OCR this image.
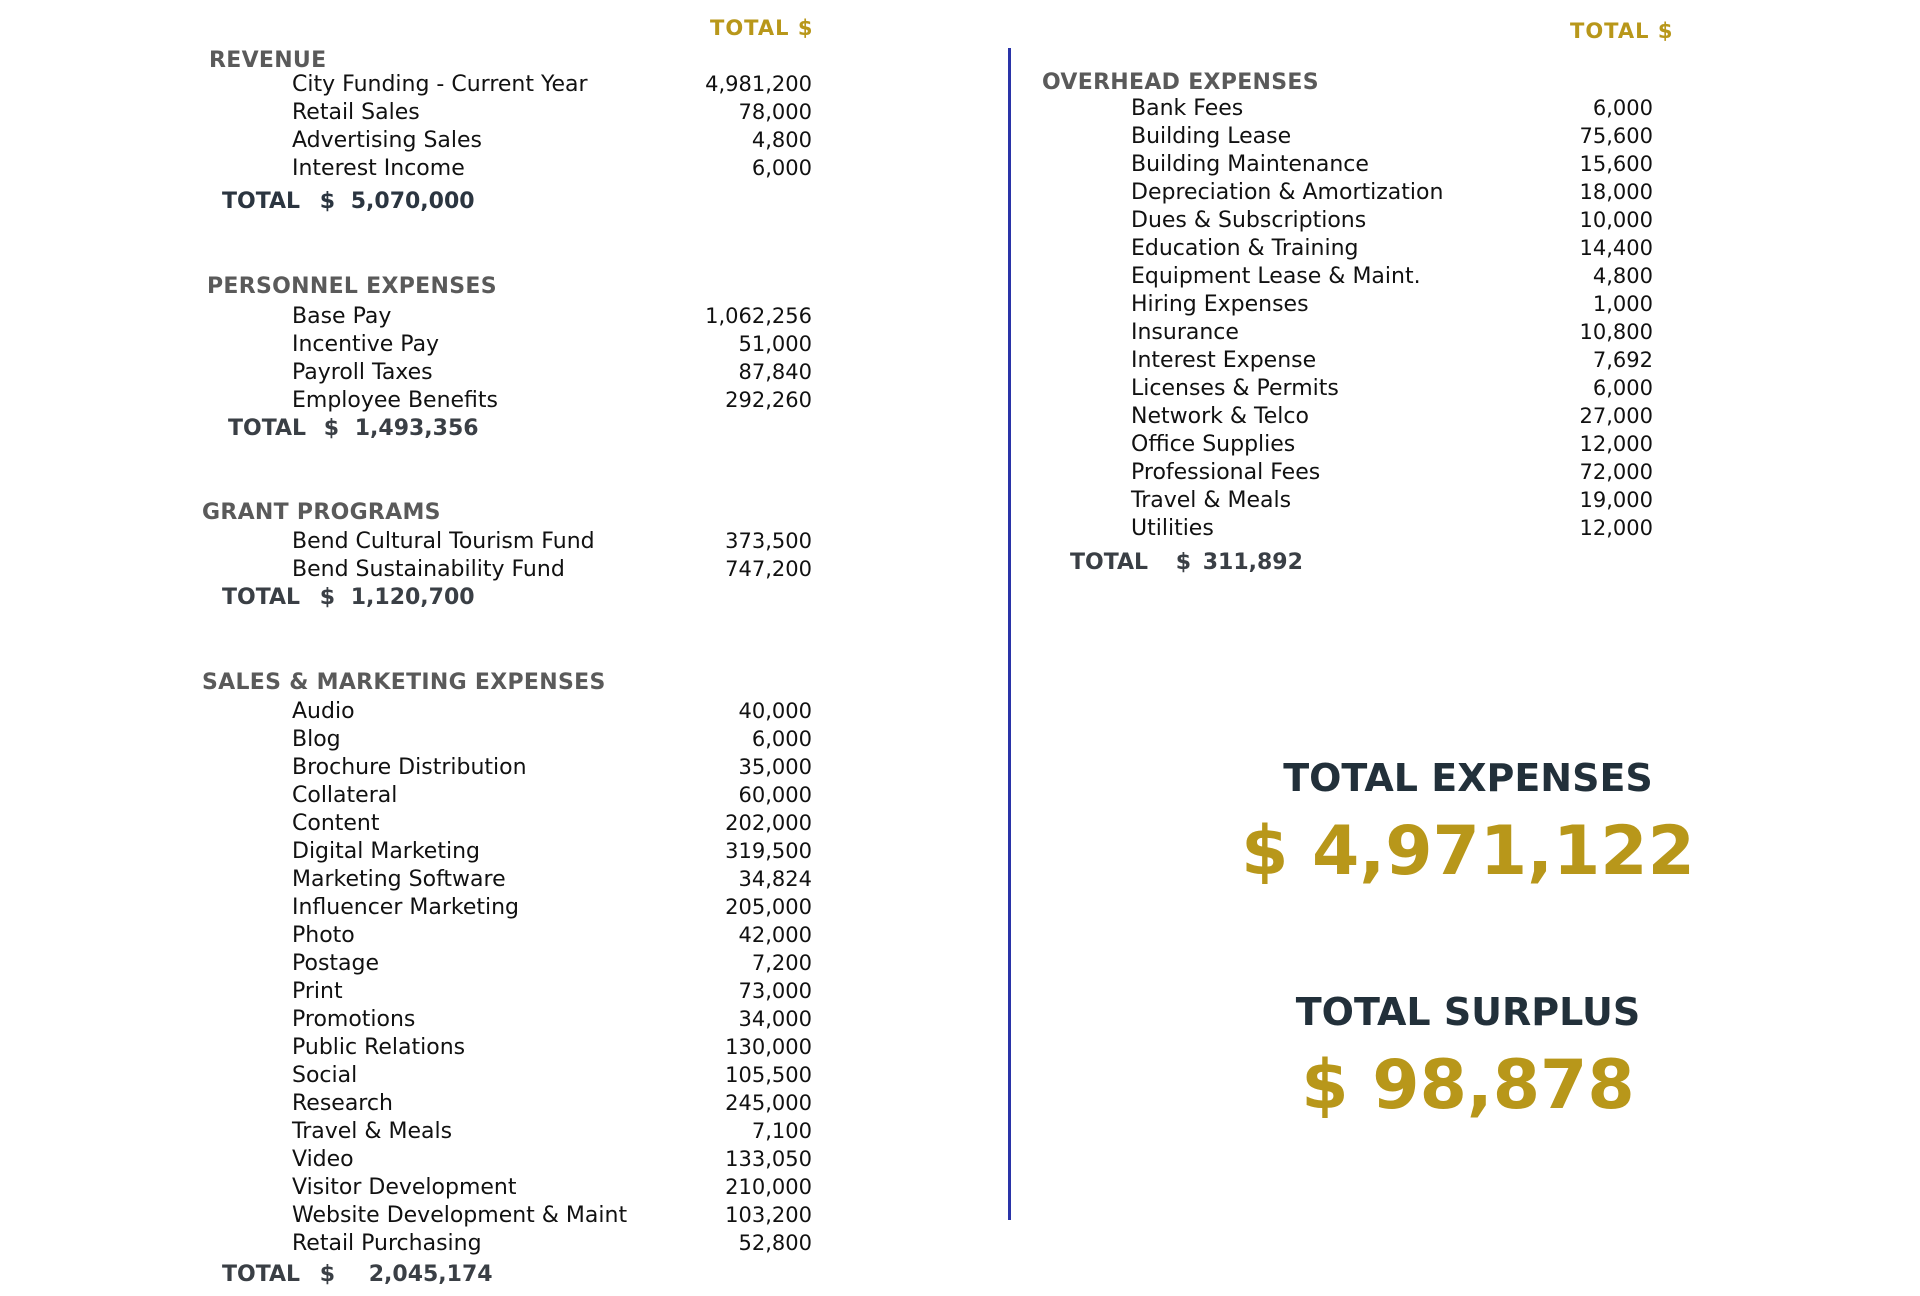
TOTAL $	TOTAL $
REVENUE
City Funding - Current Year	4,981,200
Retail Sales	78,000
Advertising Sales	4,800
Interest Income	6,000
TOTAL $ 5,070,000
PERSONNEL EXPENSES
Base Pay	1,062,256
Incentive Pay	51,000
Payroll Taxes	87,840
Employee Benefits	292,260
TOTAL $ 1,493,356
GRANT PROGRAMS
Bend Cultural Tourism Fund	373,500
Bend Sustainability Fund	747,200
TOTAL $ 1,120,700
SALES & MARKETING EXPENSES
Audio	40,000
Blog	6,000
Brochure Distribution	35,000
Collateral	60,000
Content	202,000
Digital Marketing	319,500
Marketing Software	34,824
Influencer Marketing	205,000
Photo	42,000
Postage	7,200
Print	73,000
Promotions	34,000
Public Relations	130,000
Social	105,500
Research	245,000
Travel & Meals	7,100
Video	133,050
Visitor Development	210,000
Website Development & Maint	103,200
Retail Purchasing	52,800
TOTAL $ 2,045,174
OVERHEAD EXPENSES
Bank Fees	6,000
Building Lease	75,600
Building Maintenance	15,600
Depreciation & Amortization	18,000
Dues & Subscriptions	10,000
Education & Training	14,400
Equipment Lease & Maint.	4,800
Hiring Expenses	1,000
Insurance	10,800
Interest Expense	7,692
Licenses & Permits	6,000
Network & Telco	27,000
Office Supplies	12,000
Professional Fees	72,000
Travel & Meals	19,000
Utilities	12,000
TOTAL $ 311,892
TOTAL EXPENSES
$ 4,971,122
TOTAL SURPLUS
$ 98,878
